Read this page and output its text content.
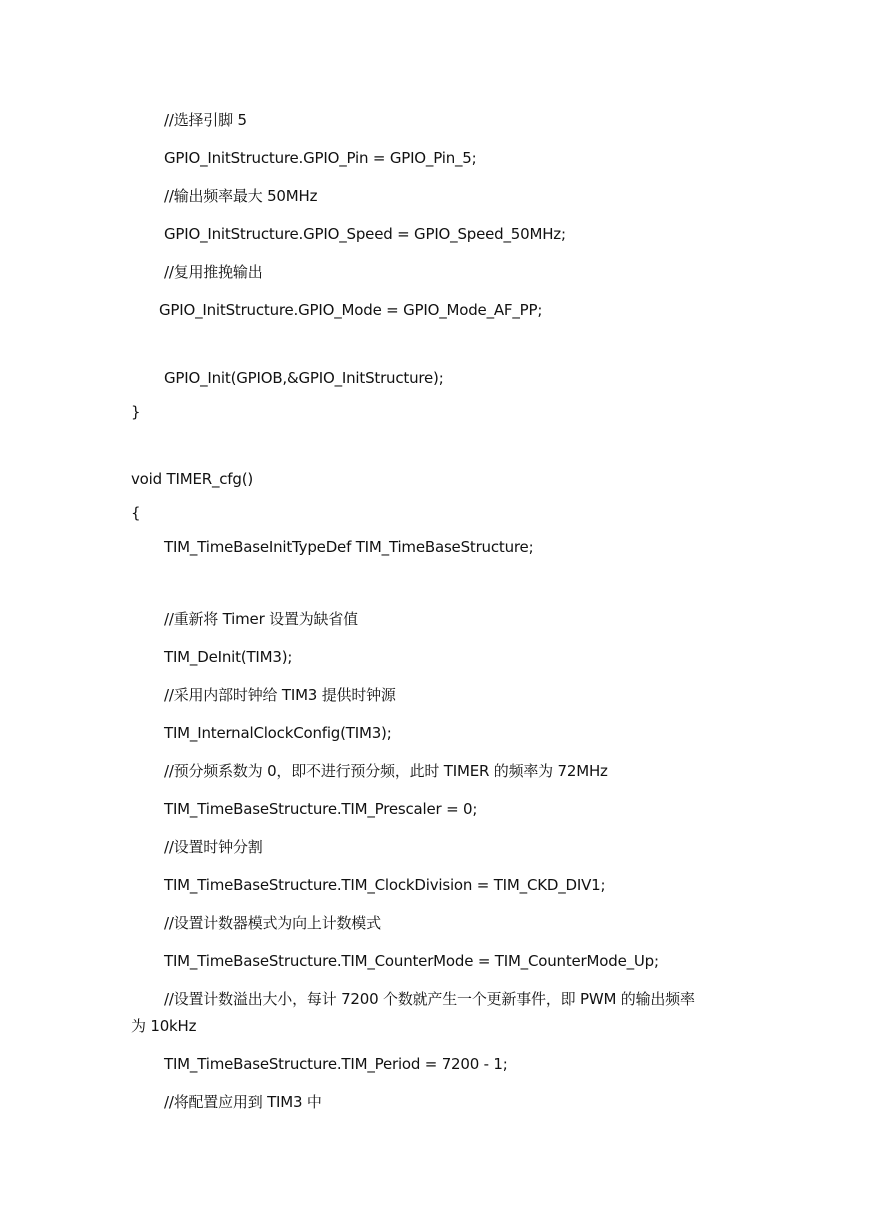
//选择引脚 5
GPIO_InitStructure.GPIO_Pin = GPIO_Pin_5;
//输出频率最大 50MHz
GPIO_InitStructure.GPIO_Speed = GPIO_Speed_50MHz;
//复用推挽输出
GPIO_InitStructure.GPIO_Mode = GPIO_Mode_AF_PP;
GPIO_Init(GPIOB,&GPIO_InitStructure);
}
void TIMER_cfg()
{
TIM_TimeBaseInitTypeDef TIM_TimeBaseStructure;
//重新将 Timer 设置为缺省值
TIM_DeInit(TIM3);
//采用内部时钟给 TIM3 提供时钟源
TIM_InternalClockConfig(TIM3);
//预分频系数为 0，即不进行预分频，此时 TIMER 的频率为 72MHz
TIM_TimeBaseStructure.TIM_Prescaler = 0;
//设置时钟分割
TIM_TimeBaseStructure.TIM_ClockDivision = TIM_CKD_DIV1;
//设置计数器模式为向上计数模式
TIM_TimeBaseStructure.TIM_CounterMode = TIM_CounterMode_Up;
//设置计数溢出大小，每计 7200 个数就产生一个更新事件，即 PWM 的输出频率
为 10kHz
TIM_TimeBaseStructure.TIM_Period = 7200 - 1;
//将配置应用到 TIM3 中
